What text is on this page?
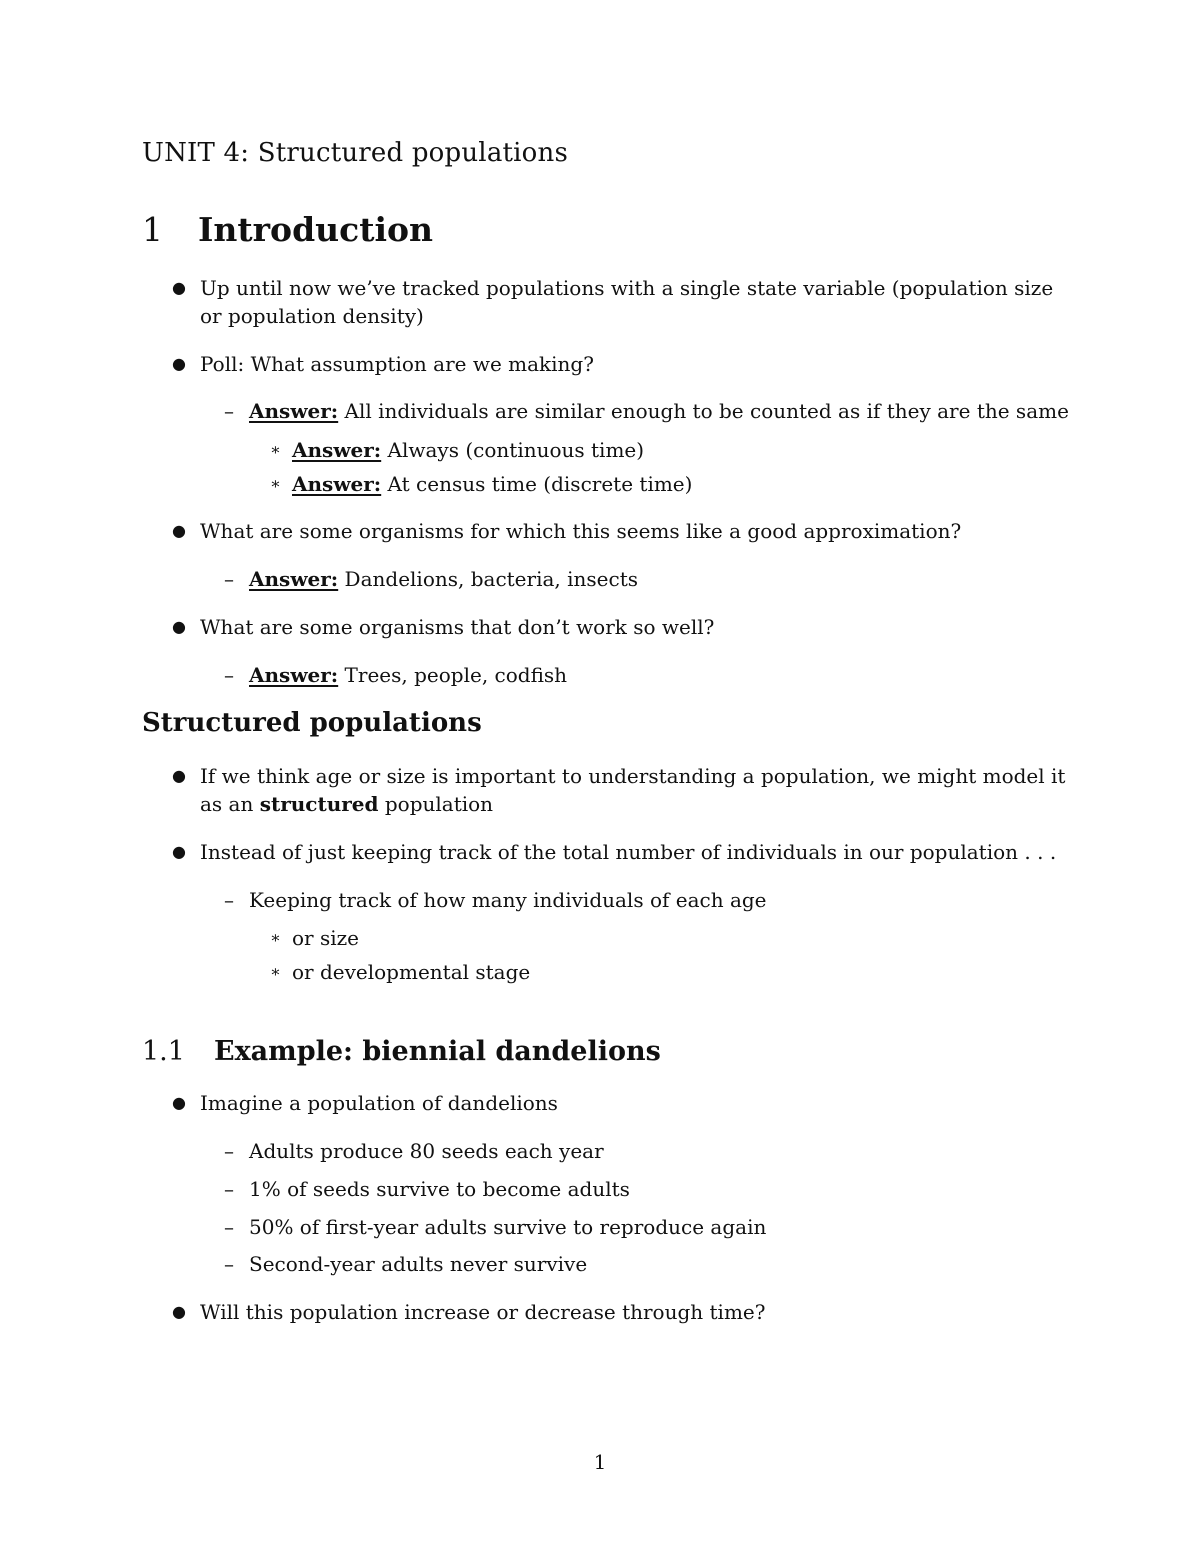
UNIT 4: Structured populations
1 Introduction
● Up until now we’ve tracked populations with a single state variable (population size
or population density)
● Poll: What assumption are we making?
– Answer: All individuals are similar enough to be counted as if they are the same
∗ Answer: Always (continuous time)
∗ Answer: At census time (discrete time)
● What are some organisms for which this seems like a good approximation?
– Answer: Dandelions, bacteria, insects
● What are some organisms that don’t work so well?
– Answer: Trees, people, codfish
Structured populations
● If we think age or size is important to understanding a population, we might model it
as an structured population
● Instead of just keeping track of the total number of individuals in our population . . .
– Keeping track of how many individuals of each age
∗ or size
∗ or developmental stage
1.1 Example: biennial dandelions
● Imagine a population of dandelions
– Adults produce 80 seeds each year
– 1% of seeds survive to become adults
– 50% of first-year adults survive to reproduce again
– Second-year adults never survive
● Will this population increase or decrease through time?
1
